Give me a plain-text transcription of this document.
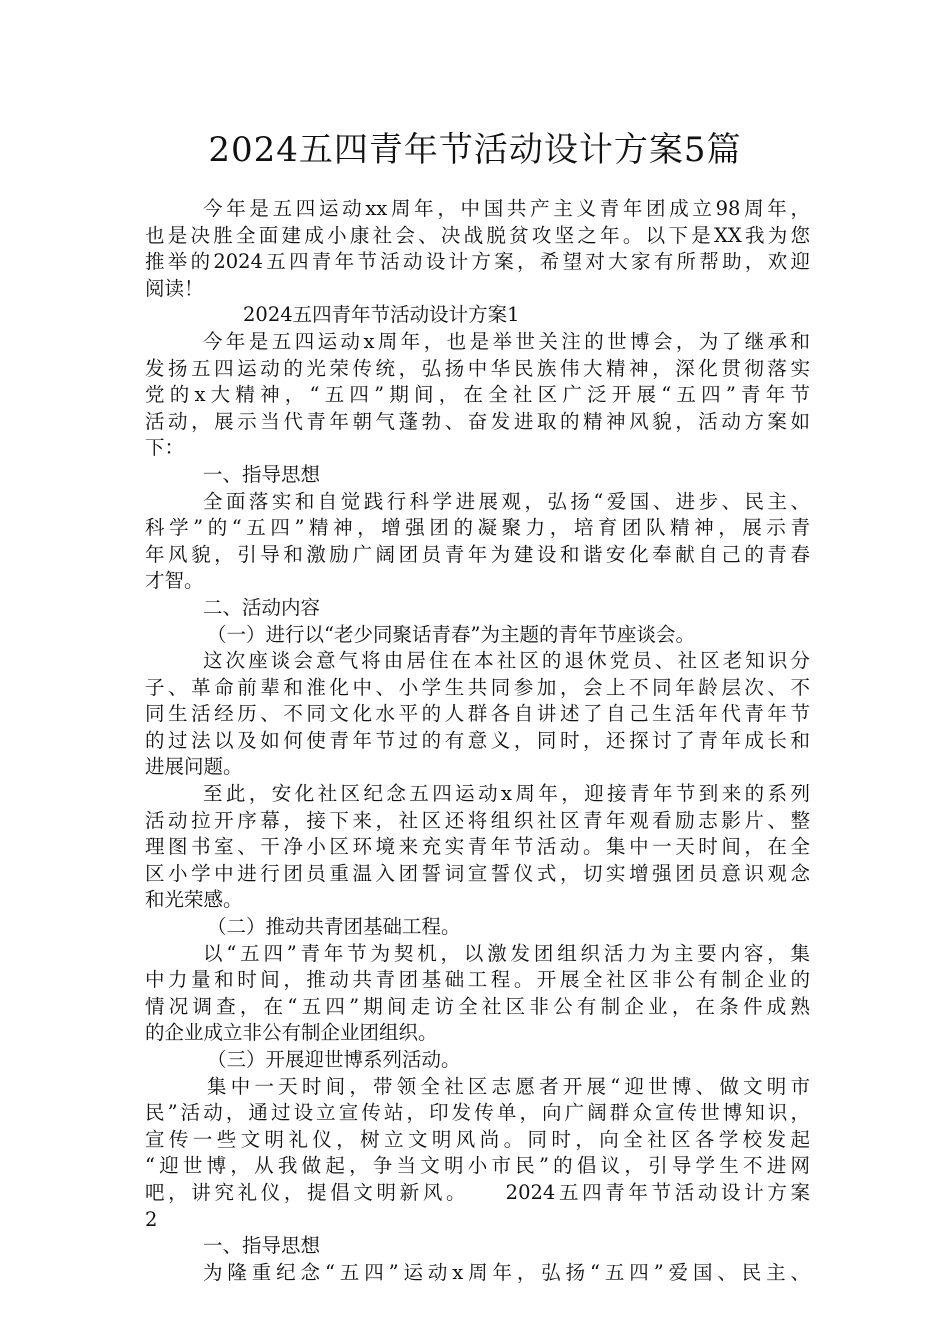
2024五四青年节活动设计方案5篇
今年是五四运动xx周年，中国共产主义青年团成立98周年，
也是决胜全面建成小康社会、决战脱贫攻坚之年。以下是XX我为您
推举的2024五四青年节活动设计方案，希望对大家有所帮助，欢迎
阅读！
2024五四青年节活动设计方案1
今年是五四运动x周年，也是举世关注的世博会，为了继承和
发扬五四运动的光荣传统，弘扬中华民族伟大精神，深化贯彻落实
党的x大精神，“五四”期间，在全社区广泛开展“五四”青年节
活动，展示当代青年朝气蓬勃、奋发进取的精神风貌，活动方案如
下：
一、指导思想
全面落实和自觉践行科学进展观，弘扬“爱国、进步、民主、
科学”的“五四”精神，增强团的凝聚力，培育团队精神，展示青
年风貌，引导和激励广阔团员青年为建设和谐安化奉献自己的青春
才智。
二、活动内容
（一）进行以“老少同聚话青春”为主题的青年节座谈会。
这次座谈会意气将由居住在本社区的退休党员、社区老知识分
子、革命前辈和淮化中、小学生共同参加，会上不同年龄层次、不
同生活经历、不同文化水平的人群各自讲述了自己生活年代青年节
的过法以及如何使青年节过的有意义，同时，还探讨了青年成长和
进展问题。
至此，安化社区纪念五四运动x周年，迎接青年节到来的系列
活动拉开序幕，接下来，社区还将组织社区青年观看励志影片、整
理图书室、干净小区环境来充实青年节活动。集中一天时间，在全
区小学中进行团员重温入团誓词宣誓仪式，切实增强团员意识观念
和光荣感。
（二）推动共青团基础工程。
以“五四”青年节为契机，以激发团组织活力为主要内容，集
中力量和时间，推动共青团基础工程。开展全社区非公有制企业的
情况调查，在“五四”期间走访全社区非公有制企业，在条件成熟
的企业成立非公有制企业团组织。
（三）开展迎世博系列活动。
集中一天时间，带领全社区志愿者开展“迎世博、做文明市
民”活动，通过设立宣传站，印发传单，向广阔群众宣传世博知识，
宣传一些文明礼仪，树立文明风尚。同时，向全社区各学校发起
“迎世博，从我做起，争当文明小市民”的倡议，引导学生不进网
吧，讲究礼仪，提倡文明新风。　　2024五四青年节活动设计方案
2
一、指导思想
为隆重纪念“五四”运动x周年，弘扬“五四”爱国、民主、
